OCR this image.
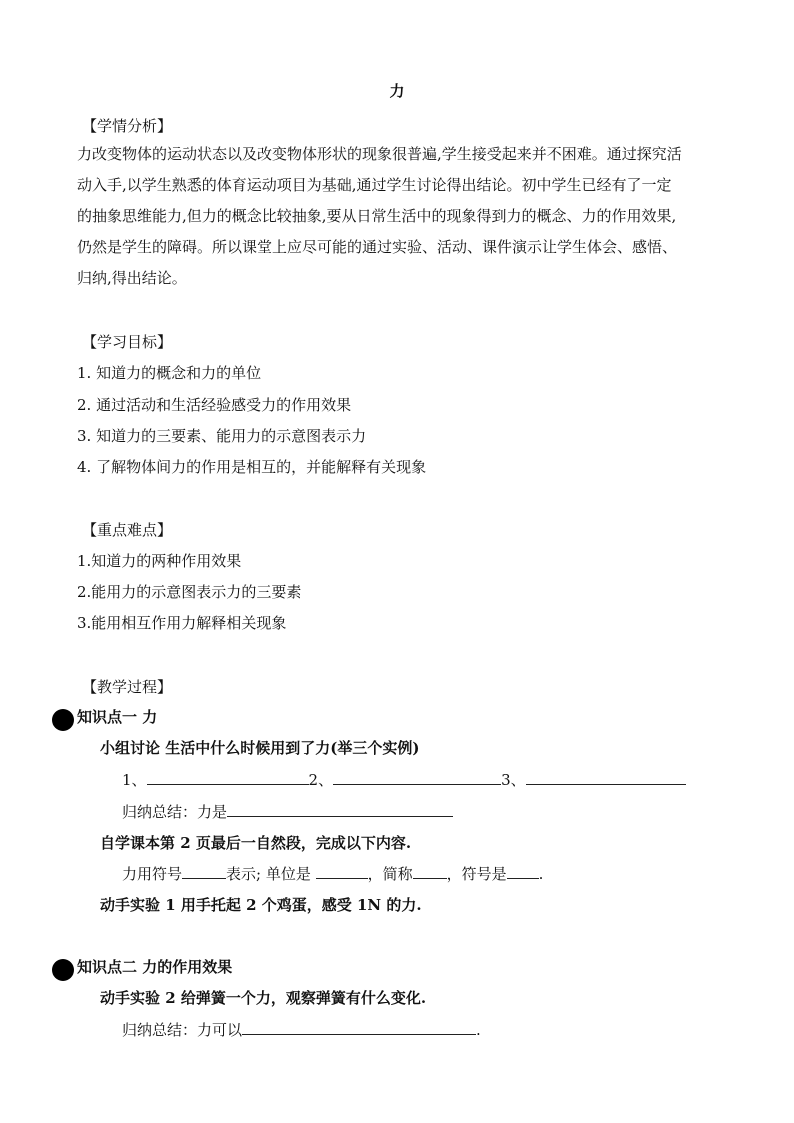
力
【学情分析】
力改变物体的运动状态以及改变物体形状的现象很普遍,学生接受起来并不困难。通过探究活
动入手,以学生熟悉的体育运动项目为基础,通过学生讨论得出结论。初中学生已经有了一定
的抽象思维能力,但力的概念比较抽象,要从日常生活中的现象得到力的概念、力的作用效果,
仍然是学生的障碍。所以课堂上应尽可能的通过实验、活动、课件演示让学生体会、感悟、
归纳,得出结论。
【学习目标】
1. 知道力的概念和力的单位
2. 通过活动和生活经验感受力的作用效果
3. 知道力的三要素、能用力的示意图表示力
4. 了解物体间力的作用是相互的，并能解释有关现象
【重点难点】
1.知道力的两种作用效果
2.能用力的示意图表示力的三要素
3.能用相互作用力解释相关现象
【教学过程】
知识点一 力
小组讨论 生活中什么时候用到了力(举三个实例)
1、	2、	3、
归纳总结：力是
自学课本第 2 页最后一自然段，完成以下内容.
力用符号	表示; 单位是	，简称 ，符号是 .
动手实验 1 用手托起 2 个鸡蛋，感受 1N 的力.
知识点二 力的作用效果
动手实验 2 给弹簧一个力，观察弹簧有什么变化.
归纳总结：力可以	.
